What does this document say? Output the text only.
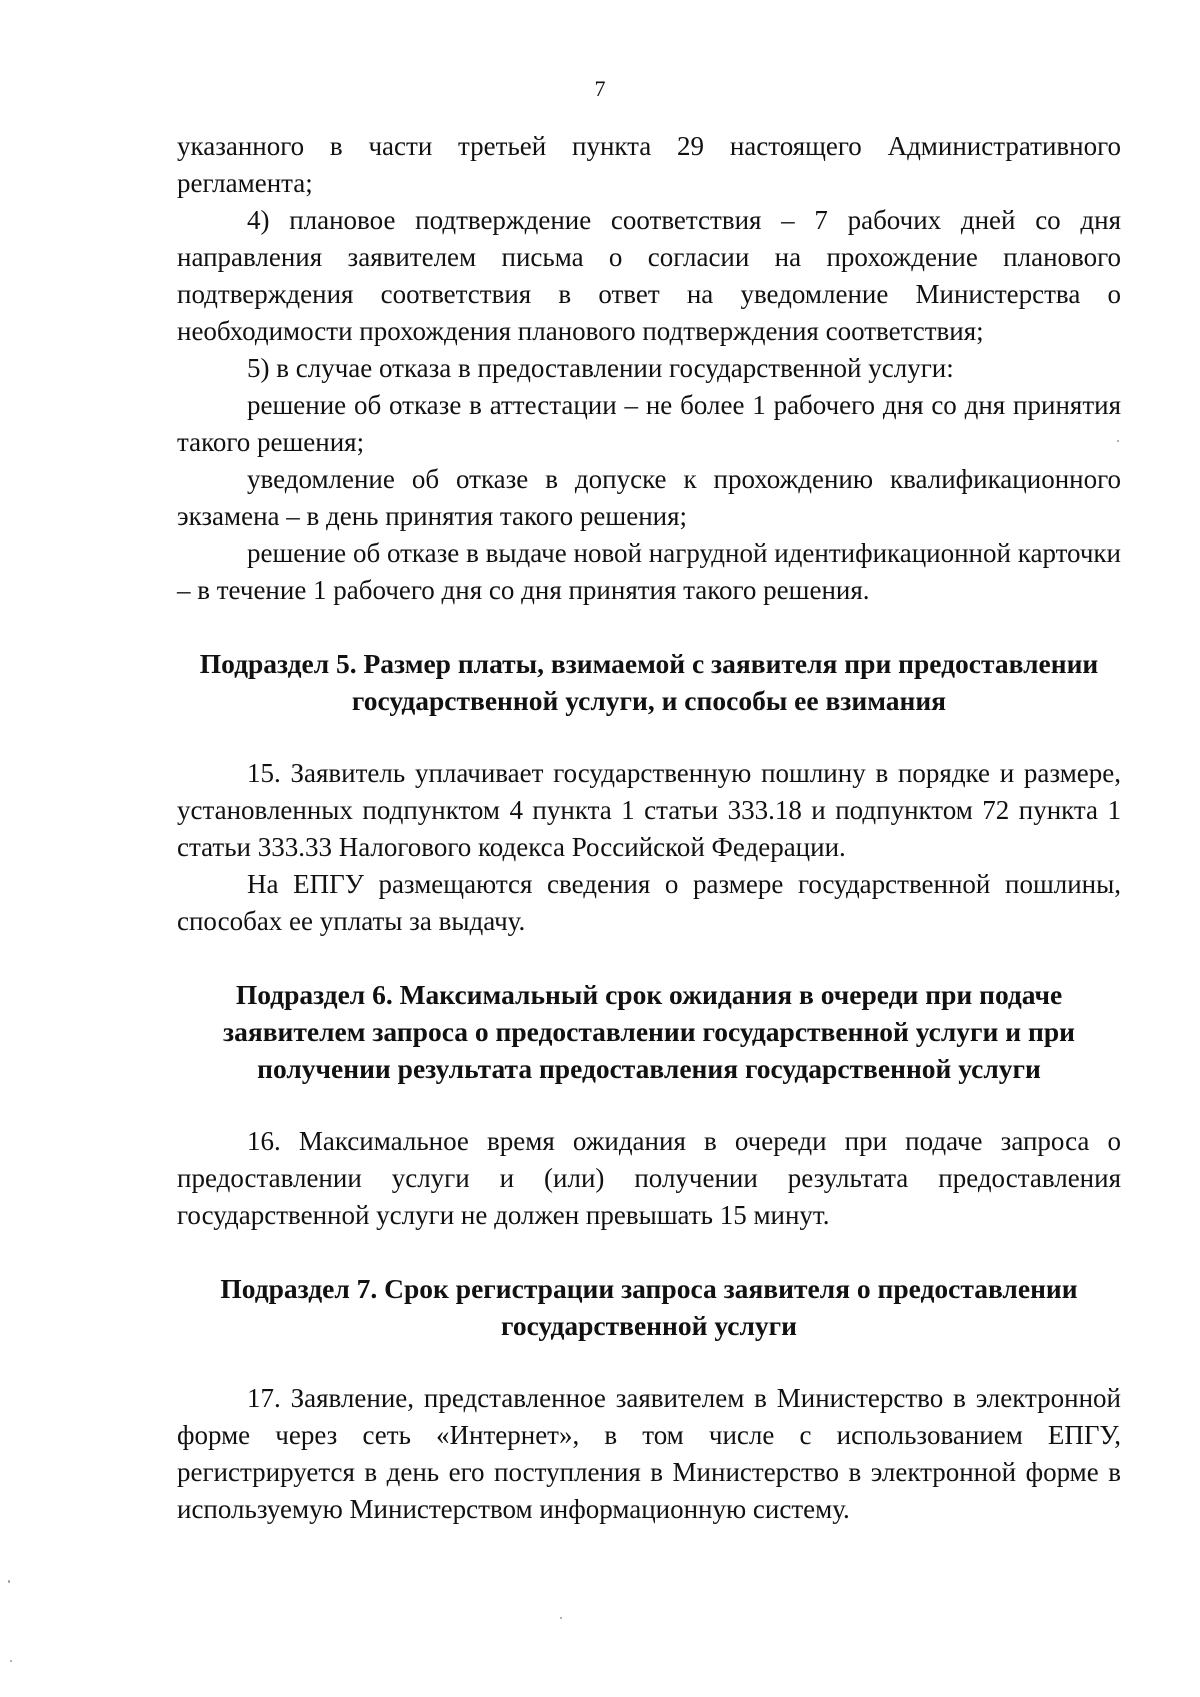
7

указанного в части третьей пункта 29 настоящего Административного регламента;

4) плановое подтверждение соответствия – 7 рабочих дней со дня направления заявителем письма о согласии на прохождение планового подтверждения соответствия в ответ на уведомление Министерства о необходимости прохождения планового подтверждения соответствия;

5) в случае отказа в предоставлении государственной услуги:

решение об отказе в аттестации – не более 1 рабочего дня со дня принятия такого решения;

уведомление об отказе в допуске к прохождению квалификационного экзамена – в день принятия такого решения;

решение об отказе в выдаче новой нагрудной идентификационной карточки – в течение 1 рабочего дня со дня принятия такого решения.

Подраздел 5. Размер платы, взимаемой с заявителя при предоставлении государственной услуги, и способы ее взимания

15. Заявитель уплачивает государственную пошлину в порядке и размере, установленных подпунктом 4 пункта 1 статьи 333.18 и подпунктом 72 пункта 1 статьи 333.33 Налогового кодекса Российской Федерации.

На ЕПГУ размещаются сведения о размере государственной пошлины, способах ее уплаты за выдачу.

Подраздел 6. Максимальный срок ожидания в очереди при подаче заявителем запроса о предоставлении государственной услуги и при получении результата предоставления государственной услуги

16. Максимальное время ожидания в очереди при подаче запроса о предоставлении услуги и (или) получении результата предоставления государственной услуги не должен превышать 15 минут.

Подраздел 7. Срок регистрации запроса заявителя о предоставлении государственной услуги

17. Заявление, представленное заявителем в Министерство в электронной форме через сеть «Интернет», в том числе с использованием ЕПГУ, регистрируется в день его поступления в Министерство в электронной форме в используемую Министерством информационную систему.
